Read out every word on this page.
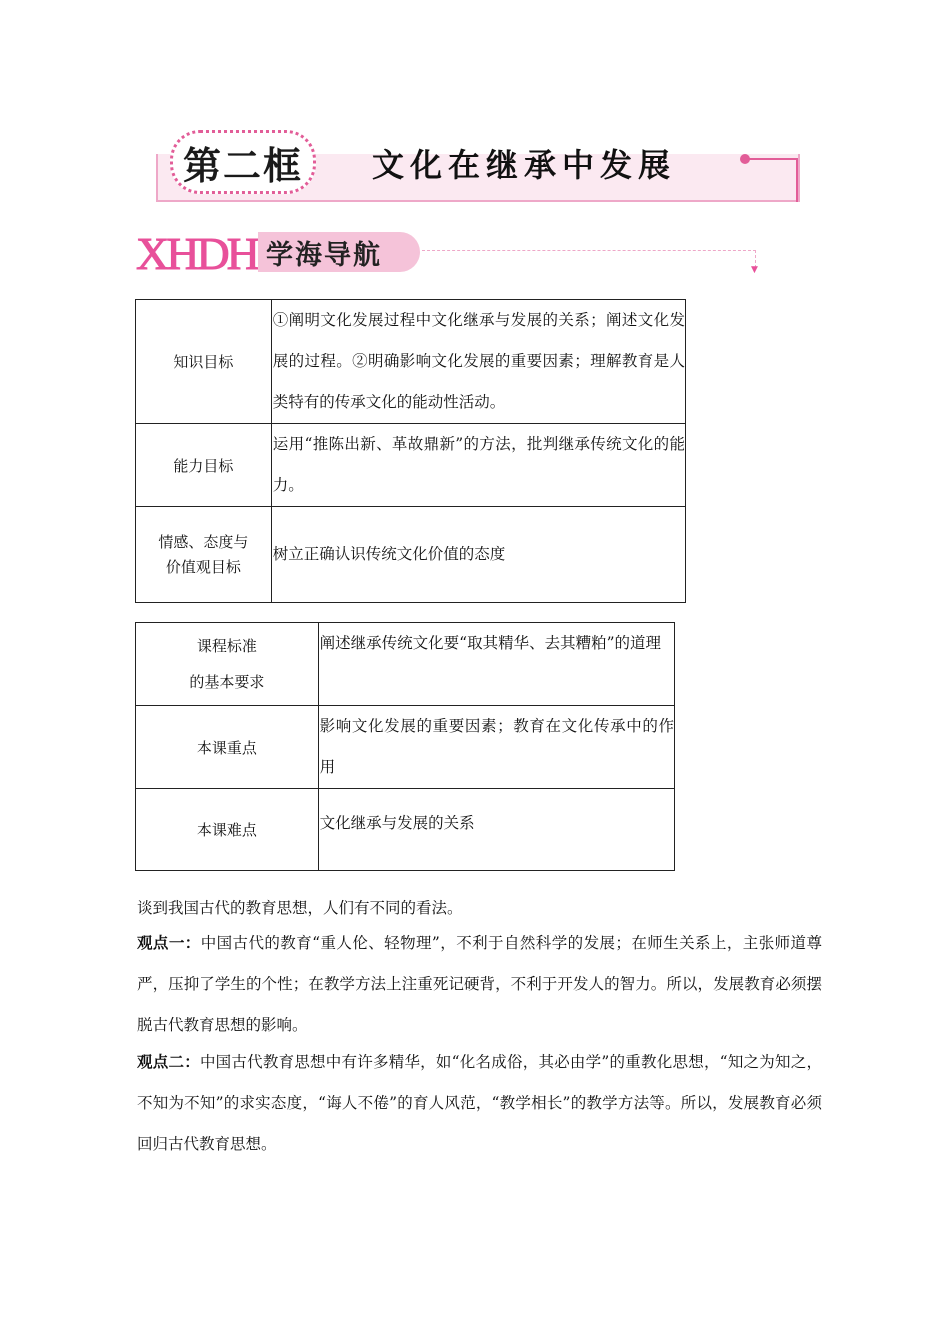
第二框	文化在继承中发展
XHDH 学海导航	▼
知识目标	①阐明文化发展过程中文化继承与发展的关系；阐述文化发展的过程。②明确影响文化发展的重要因素；理解教育是人类特有的传承文化的能动性活动。
能力目标	运用“推陈出新、革故鼎新”的方法，批判继承传统文化的能力。

情感、态度与
价值观目标	树立正确认识传统文化价值的态度
课程标准
的基本要求	阐述继承传统文化要“取其精华、去其糟粕”的道理
本课重点	影响文化发展的重要因素；教育在文化传承中的作用
本课难点	文化继承与发展的关系
谈到我国古代的教育思想，人们有不同的看法。
观点一：中国古代的教育“重人伦、轻物理”，不利于自然科学的发展；在师生关系上，主张师道尊严，压抑了学生的个性；在教学方法上注重死记硬背，不利于开发人的智力。所以，发展教育必须摆脱古代教育思想的影响。
观点二：中国古代教育思想中有许多精华，如“化名成俗，其必由学”的重教化思想，“知之为知之，不知为不知”的求实态度，“诲人不倦”的育人风范，“教学相长”的教学方法等。所以，发展教育必须回归古代教育思想。
